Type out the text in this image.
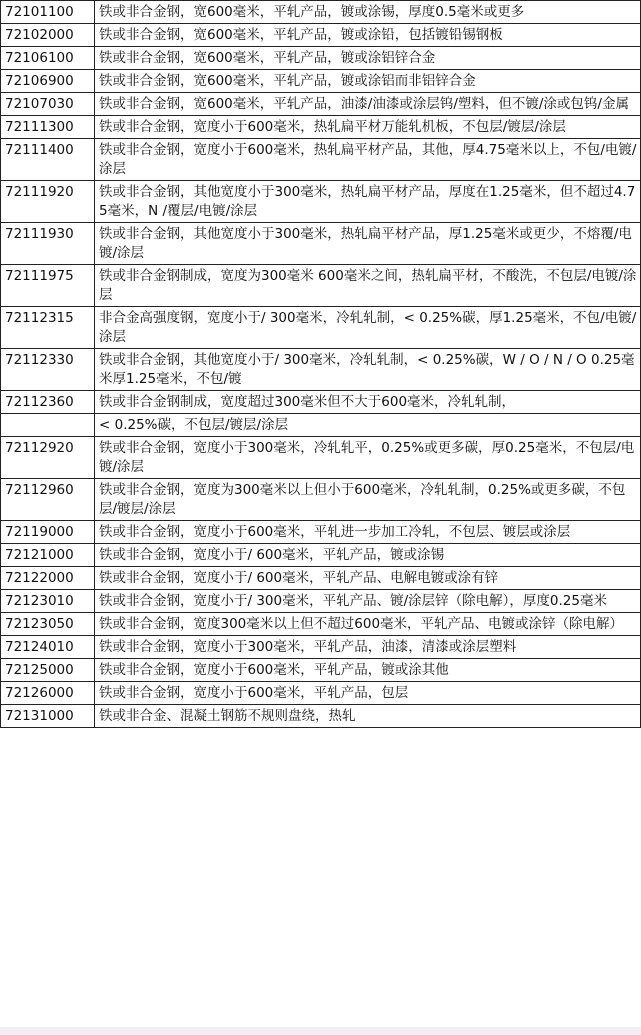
72101100	铁或非合金钢，宽600毫米，平轧产品，镀或涂锡，厚度0.5毫米或更多
72102000	铁或非合金钢，宽600毫米，平轧产品，镀或涂铅，包括镀铅锡钢板
72106100	铁或非合金钢，宽600毫米，平轧产品，镀或涂铝锌合金
72106900	铁或非合金钢，宽600毫米，平轧产品，镀或涂铝而非铝锌合金
72107030	铁或非合金钢，宽600毫米，平轧产品，油漆/油漆或涂层钨/塑料，但不镀/涂或包钨/金属
72111300	铁或非合金钢，宽度小于600毫米，热轧扁平材万能轧机板，不包层/镀层/涂层
72111400	铁或非合金钢，宽度小于600毫米，热轧扁平材产品，其他，厚4.75毫米以上，不包/电镀/涂层
72111920	铁或非合金钢，其他宽度小于300毫米，热轧扁平材产品，厚度在1.25毫米，但不超过4.75毫米，N /覆层/电镀/涂层
72111930	铁或非合金钢，其他宽度小于300毫米，热轧扁平材产品，厚1.25毫米或更少，不熔覆/电镀/涂层
72111975	铁或非合金钢制成，宽度为300毫米 600毫米之间，热轧扁平材，不酸洗，不包层/电镀/涂层
72112315	非合金高强度钢，宽度小于/ 300毫米，冷轧轧制，< 0.25%碳，厚1.25毫米，不包/电镀/涂层
72112330	铁或非合金钢，其他宽度小于/ 300毫米，冷轧轧制，< 0.25%碳，W / O / N / O 0.25毫米厚1.25毫米，不包/镀
72112360	铁或非合金钢制成，宽度超过300毫米但不大于600毫米，冷轧轧制，
	< 0.25%碳，不包层/镀层/涂层
72112920	铁或非合金钢，宽度小于300毫米，冷轧轧平，0.25%或更多碳，厚0.25毫米，不包层/电镀/涂层
72112960	铁或非合金钢，宽度为300毫米以上但小于600毫米，冷轧轧制，0.25%或更多碳，不包层/镀层/涂层
72119000	铁或非合金钢，宽度小于600毫米，平轧进一步加工冷轧，不包层、镀层或涂层
72121000	铁或非合金钢，宽度小于/ 600毫米，平轧产品，镀或涂锡
72122000	铁或非合金钢，宽度小于/ 600毫米，平轧产品、电解电镀或涂有锌
72123010	铁或非合金钢，宽度小于/ 300毫米，平轧产品、镀/涂层锌（除电解），厚度0.25毫米
72123050	铁或非合金钢，宽度300毫米以上但不超过600毫米，平轧产品、电镀或涂锌（除电解）
72124010	铁或非合金钢，宽度小于300毫米，平轧产品，油漆，清漆或涂层塑料
72125000	铁或非合金钢，宽度小于600毫米，平轧产品，镀或涂其他
72126000	铁或非合金钢，宽度小于600毫米，平轧产品，包层
72131000	铁或非合金、混凝土钢筋不规则盘绕，热轧
